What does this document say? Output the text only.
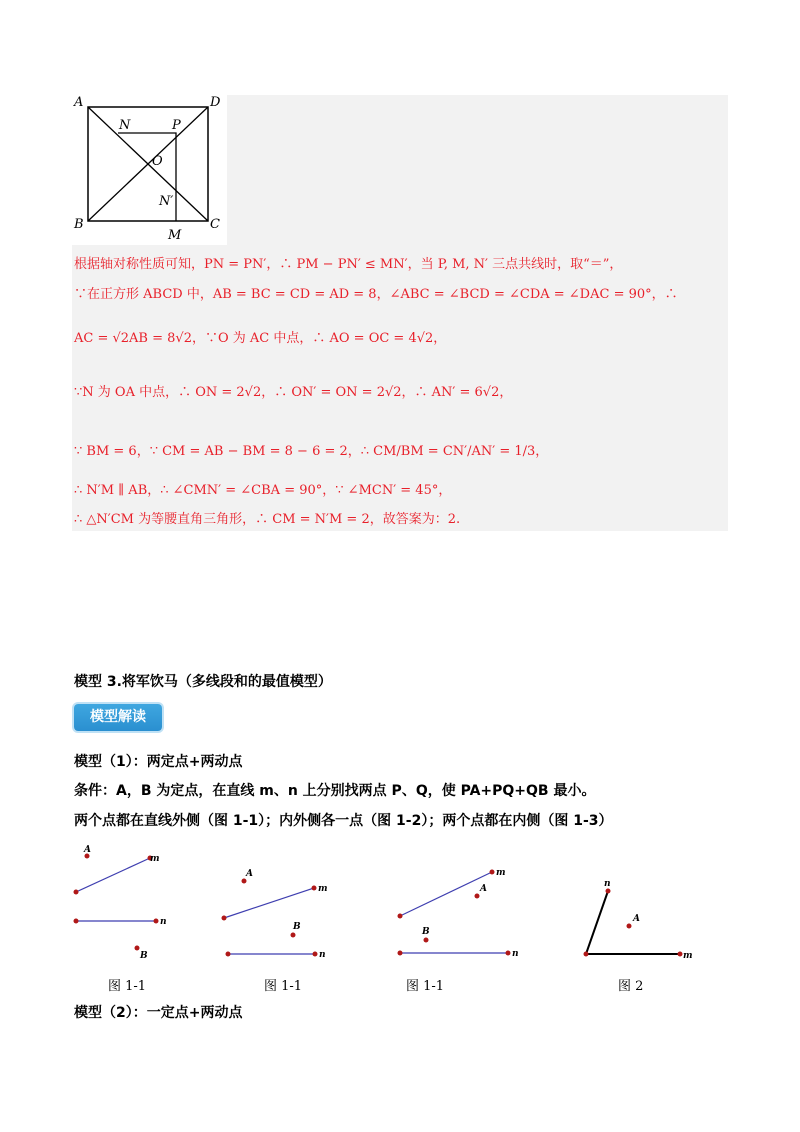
A	D
B	C
N	P
O
N′
M
根据轴对称性质可知，PN = PN′，∴ PM − PN′ ≤ MN′，当 P, M, N′ 三点共线时，取“＝”，
∵在正方形 ABCD 中，AB = BC = CD = AD = 8，∠ABC = ∠BCD = ∠CDA = ∠DAC = 90°，∴
AC = √2AB = 8√2，∵O 为 AC 中点，∴ AO = OC = 4√2，
∵N 为 OA 中点，∴ ON = 2√2，∴ ON′ = ON = 2√2，∴ AN′ = 6√2，
∵ BM = 6，∵ CM = AB − BM = 8 − 6 = 2，∴ CM/BM = CN′/AN′ = 1/3，
∴ N′M ∥ AB，∴ ∠CMN′ = ∠CBA = 90°，∵ ∠MCN′ = 45°，
∴ △N′CM 为等腰直角三角形，∴ CM = N′M = 2，故答案为：2.
模型 3.将军饮马（多线段和的最值模型）
模型解读
模型（1）：两定点+两动点
条件：A，B 为定点，在直线 m、n 上分别找两点 P、Q，使 PA+PQ+QB 最小。
两个点都在直线外侧（图 1-1）；内外侧各一点（图 1-2）；两个点都在内侧（图 1-3）
A
m
n
B
图 1-1
A
m
B
n
图 1-1
m
A
B
n
图 1-1
n
A
m
图 2
模型（2）：一定点+两动点
